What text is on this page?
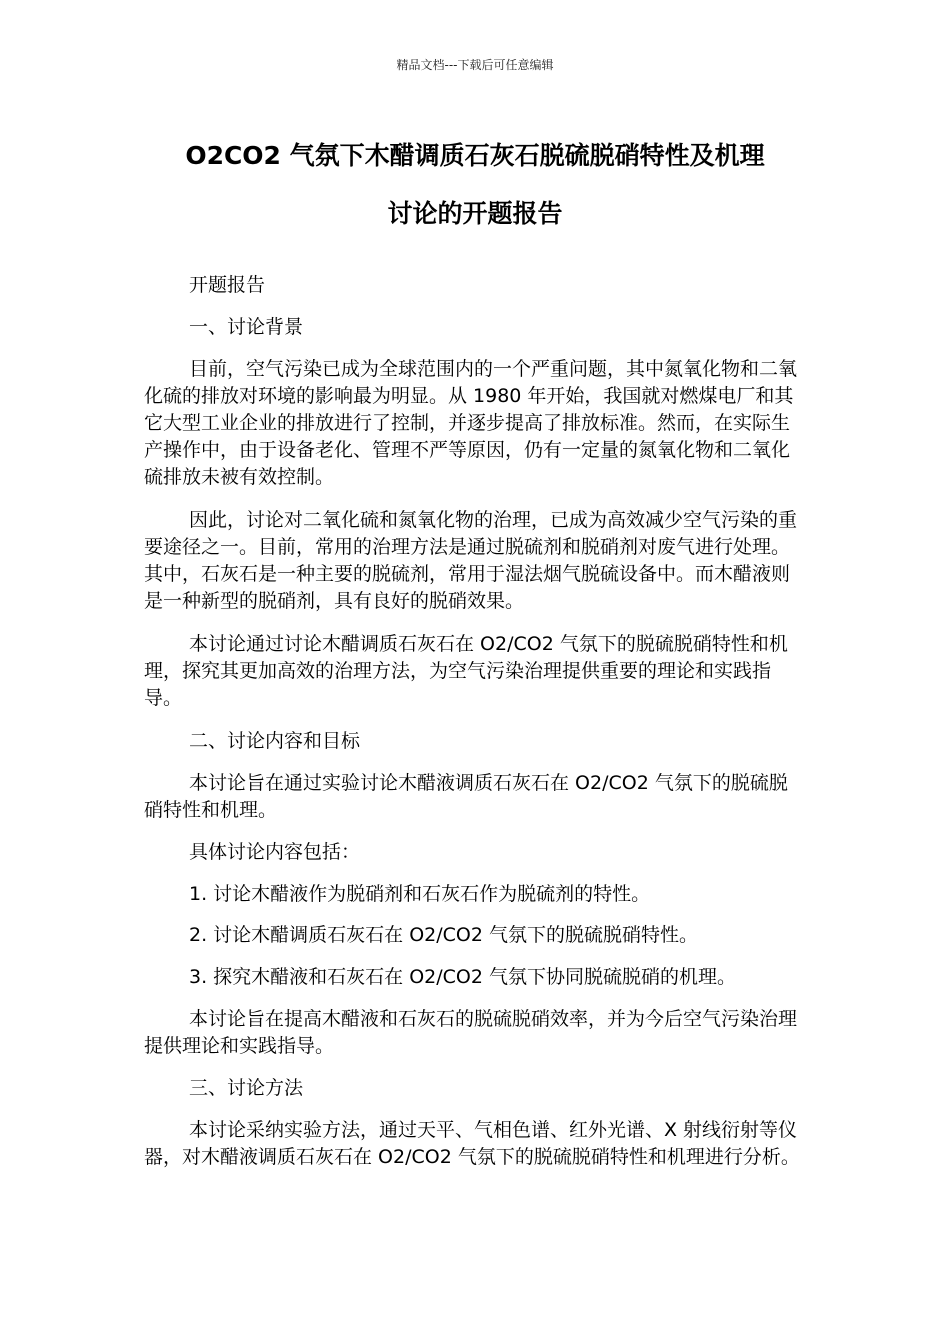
精品文档---下载后可任意编辑
O2CO2 气氛下木醋调质石灰石脱硫脱硝特性及机理
讨论的开题报告

开题报告

一、讨论背景

目前，空气污染已成为全球范围内的一个严重问题，其中氮氧化物和二氧化硫的排放对环境的影响最为明显。从 1980 年开始，我国就对燃煤电厂和其它大型工业企业的排放进行了控制，并逐步提高了排放标准。然而，在实际生产操作中，由于设备老化、管理不严等原因，仍有一定量的氮氧化物和二氧化硫排放未被有效控制。

因此，讨论对二氧化硫和氮氧化物的治理，已成为高效减少空气污染的重要途径之一。目前，常用的治理方法是通过脱硫剂和脱硝剂对废气进行处理。其中，石灰石是一种主要的脱硫剂，常用于湿法烟气脱硫设备中。而木醋液则是一种新型的脱硝剂，具有良好的脱硝效果。

本讨论通过讨论木醋调质石灰石在 O2/CO2 气氛下的脱硫脱硝特性和机理，探究其更加高效的治理方法，为空气污染治理提供重要的理论和实践指导。

二、讨论内容和目标

本讨论旨在通过实验讨论木醋液调质石灰石在 O2/CO2 气氛下的脱硫脱硝特性和机理。

具体讨论内容包括：

1. 讨论木醋液作为脱硝剂和石灰石作为脱硫剂的特性。

2. 讨论木醋调质石灰石在 O2/CO2 气氛下的脱硫脱硝特性。

3. 探究木醋液和石灰石在 O2/CO2 气氛下协同脱硫脱硝的机理。

本讨论旨在提高木醋液和石灰石的脱硫脱硝效率，并为今后空气污染治理提供理论和实践指导。

三、讨论方法

本讨论采纳实验方法，通过天平、气相色谱、红外光谱、X 射线衍射等仪器，对木醋液调质石灰石在 O2/CO2 气氛下的脱硫脱硝特性和机理进行分析。
